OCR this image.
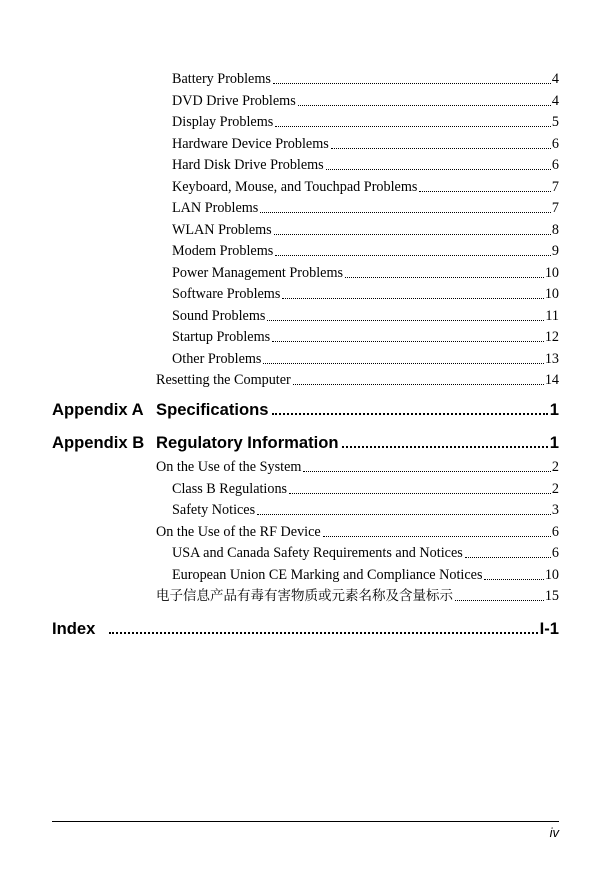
Battery Problems	4
DVD Drive Problems	4
Display Problems	5
Hardware Device Problems	6
Hard Disk Drive Problems	6
Keyboard, Mouse, and Touchpad Problems	7
LAN Problems	7
WLAN Problems	8
Modem Problems	9
Power Management Problems	10
Software Problems	10
Sound Problems	11
Startup Problems	12
Other Problems	13
Resetting the Computer	14
Appendix A Specifications	1
Appendix B Regulatory Information	1
On the Use of the System	2
Class B Regulations	2
Safety Notices	3
On the Use of the RF Device	6
USA and Canada Safety Requirements and Notices	6
European Union CE Marking and Compliance Notices	10
电子信息产品有毒有害物质或元素名称及含量标示	15
Index	I-1
iv
